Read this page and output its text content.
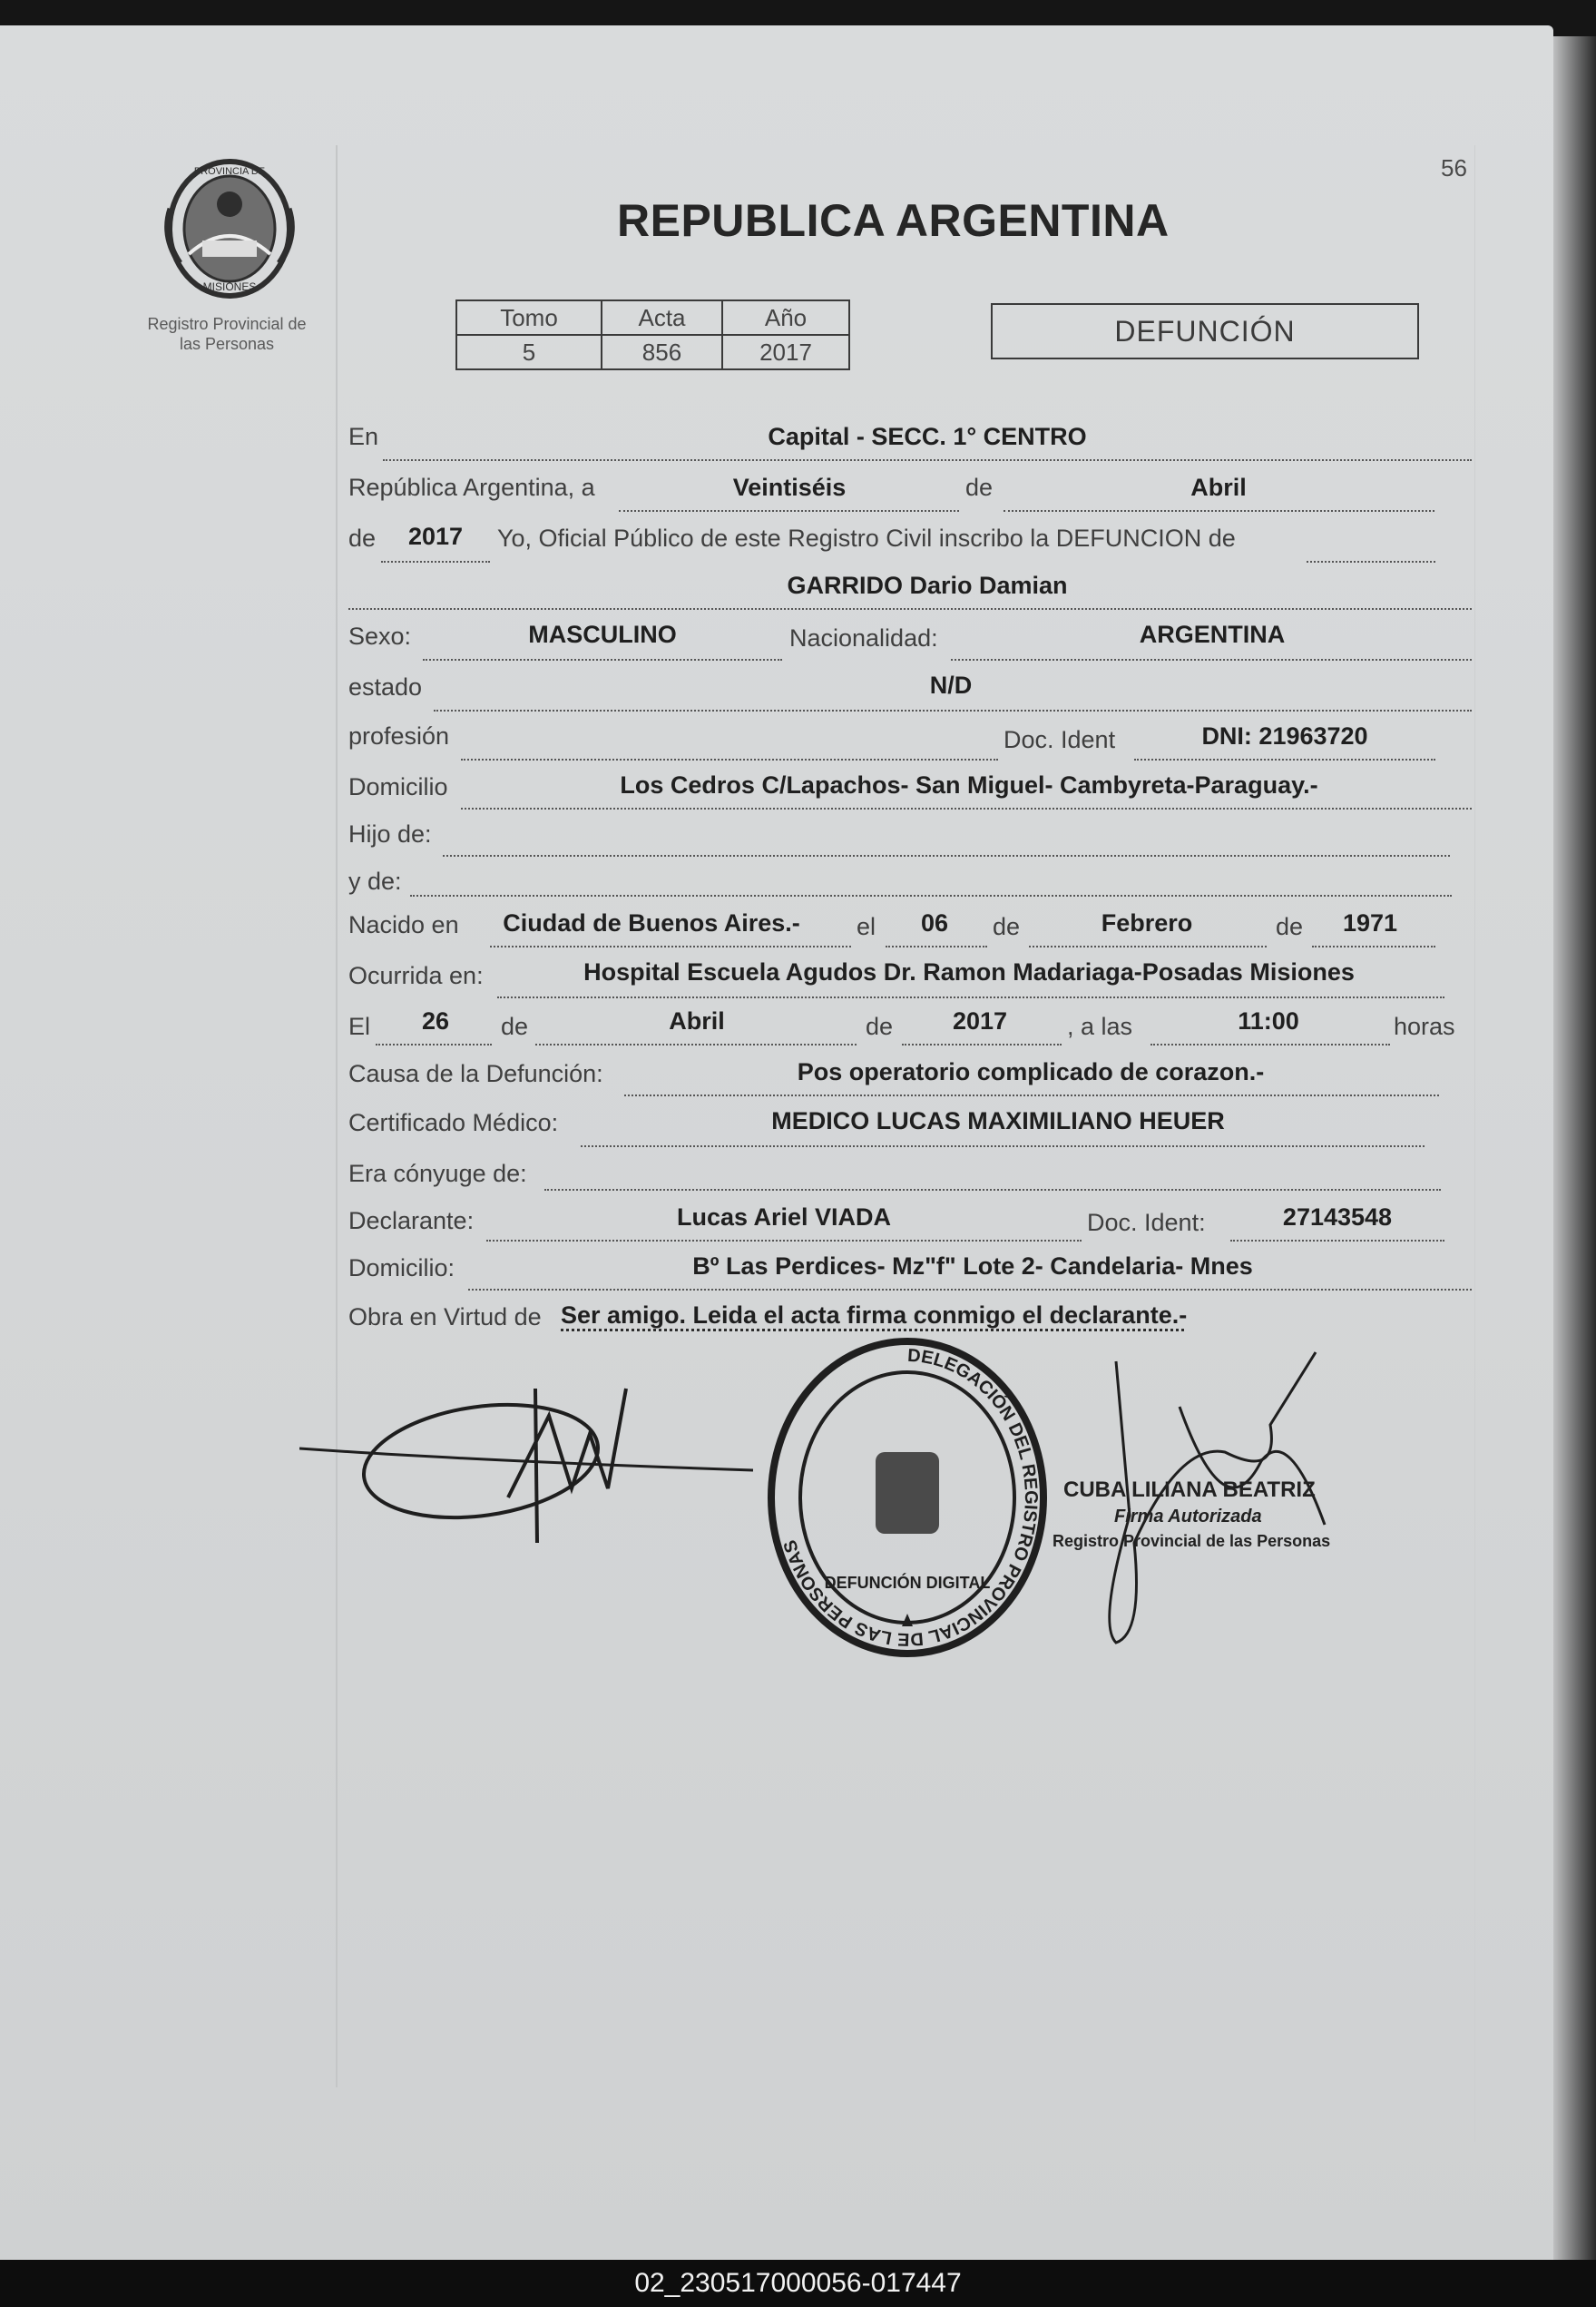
PROVINCIA DE
MISIONES
Registro Provincial de
las Personas
56
REPUBLICA ARGENTINA
Tomo	Acta	Año
5	856	2017
DEFUNCIÓN
En	Capital - SECC. 1° CENTRO
República Argentina, a	Veintiséis	de	Abril
de 2017 Yo, Oficial Público de este Registro Civil inscribo la DEFUNCION de
GARRIDO Dario Damian
Sexo:	MASCULINO	Nacionalidad:	ARGENTINA
estado	N/D
profesión	Doc. Ident	DNI: 21963720
Domicilio	Los Cedros C/Lapachos- San Miguel- Cambyreta-Paraguay.-
Hijo de:
y de:
Nacido en Ciudad de Buenos Aires.- el 06 de	Febrero	de 1971
Ocurrida en:	Hospital Escuela Agudos Dr. Ramon Madariaga-Posadas Misiones
El 26 de	Abril	de 2017 , a las	11:00	horas
Causa de la Defunción:	Pos operatorio complicado de corazon.-
Certificado Médico:	MEDICO LUCAS MAXIMILIANO HEUER
Era cónyuge de:
Declarante:	Lucas Ariel VIADA	Doc. Ident:	27143548
Domicilio:	Bº Las Perdices- Mz"f" Lote 2- Candelaria- Mnes
Obra en Virtud de Ser amigo. Leida el acta firma conmigo el declarante.-
DELEGACIÓN DEL REGISTRO PROVINCIAL DE LAS PERSONAS
DEFUNCIÓN DIGITAL
CUBA LILIANA BEATRIZ
Firma Autorizada
Registro Provincial de las Personas
02_230517000056-017447
